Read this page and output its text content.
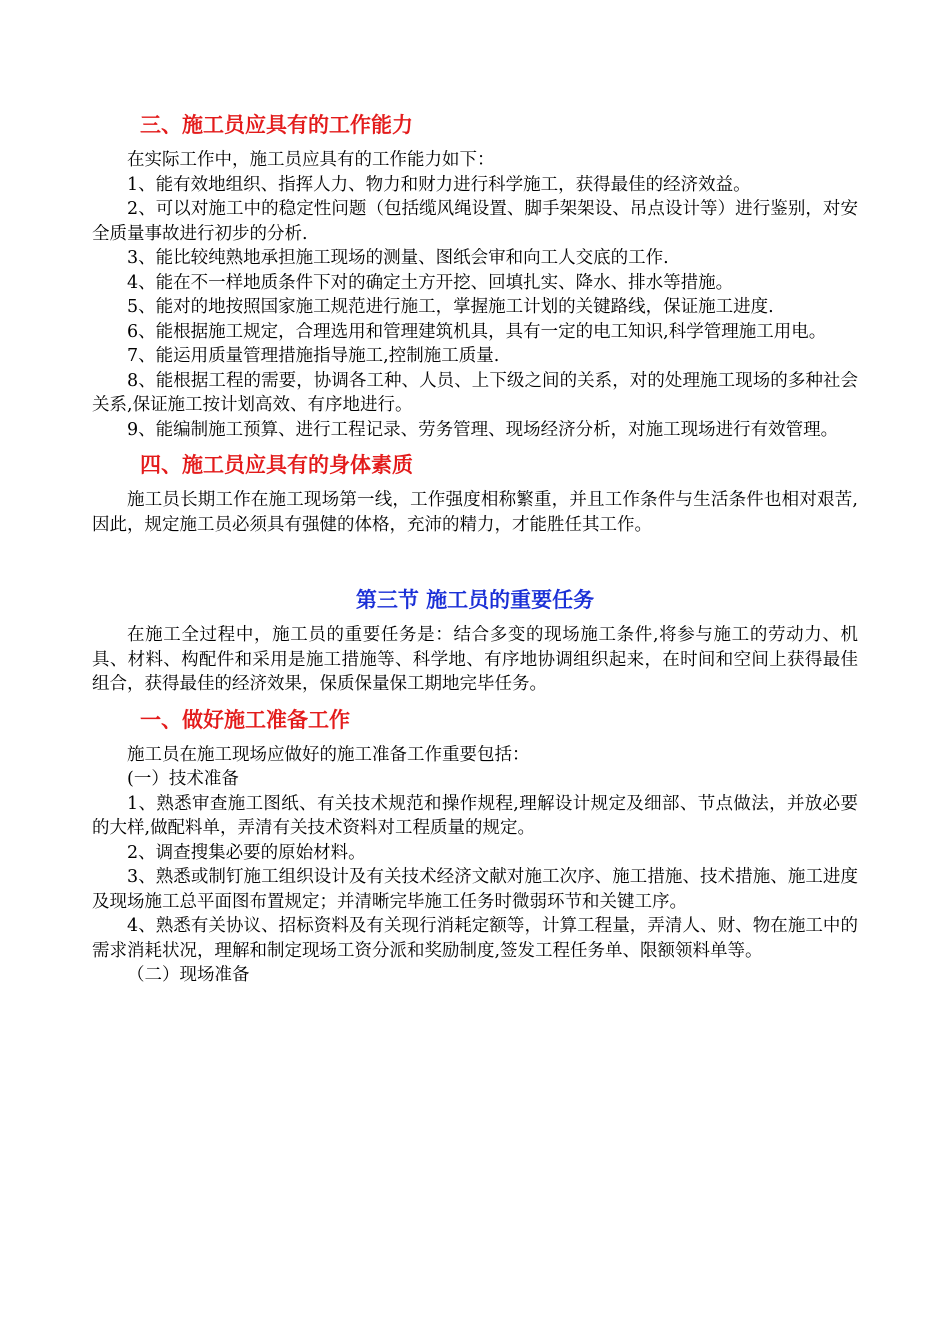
三、施工员应具有的工作能力

在实际工作中，施工员应具有的工作能力如下：

1、能有效地组织、指挥人力、物力和财力进行科学施工，获得最佳的经济效益。

2、可以对施工中的稳定性问题（包括缆风绳设置、脚手架架设、吊点设计等）进行鉴别，对安全质量事故进行初步的分析.

3、能比较纯熟地承担施工现场的测量、图纸会审和向工人交底的工作.

4、能在不一样地质条件下对的确定土方开挖、回填扎实、降水、排水等措施。

5、能对的地按照国家施工规范进行施工，掌握施工计划的关键路线，保证施工进度.

6、能根据施工规定，合理选用和管理建筑机具，具有一定的电工知识,科学管理施工用电。

7、能运用质量管理措施指导施工,控制施工质量.

8、能根据工程的需要，协调各工种、人员、上下级之间的关系，对的处理施工现场的多种社会关系,保证施工按计划高效、有序地进行。

9、能编制施工预算、进行工程记录、劳务管理、现场经济分析，对施工现场进行有效管理。

四、施工员应具有的身体素质

施工员长期工作在施工现场第一线，工作强度相称繁重，并且工作条件与生活条件也相对艰苦,因此，规定施工员必须具有强健的体格，充沛的精力，才能胜任其工作。

第三节 施工员的重要任务

在施工全过程中，施工员的重要任务是：结合多变的现场施工条件,将参与施工的劳动力、机具、材料、构配件和采用是施工措施等、科学地、有序地协调组织起来，在时间和空间上获得最佳组合，获得最佳的经济效果，保质保量保工期地完毕任务。

一、做好施工准备工作

施工员在施工现场应做好的施工准备工作重要包括：

(一）技术准备

1、熟悉审查施工图纸、有关技术规范和操作规程,理解设计规定及细部、节点做法，并放必要的大样,做配料单，弄清有关技术资料对工程质量的规定。

2、调查搜集必要的原始材料。

3、熟悉或制钉施工组织设计及有关技术经济文献对施工次序、施工措施、技术措施、施工进度及现场施工总平面图布置规定；并清晰完毕施工任务时微弱环节和关键工序。

4、熟悉有关协议、招标资料及有关现行消耗定额等，计算工程量，弄清人、财、物在施工中的需求消耗状况，理解和制定现场工资分派和奖励制度,签发工程任务单、限额领料单等。

（二）现场准备
